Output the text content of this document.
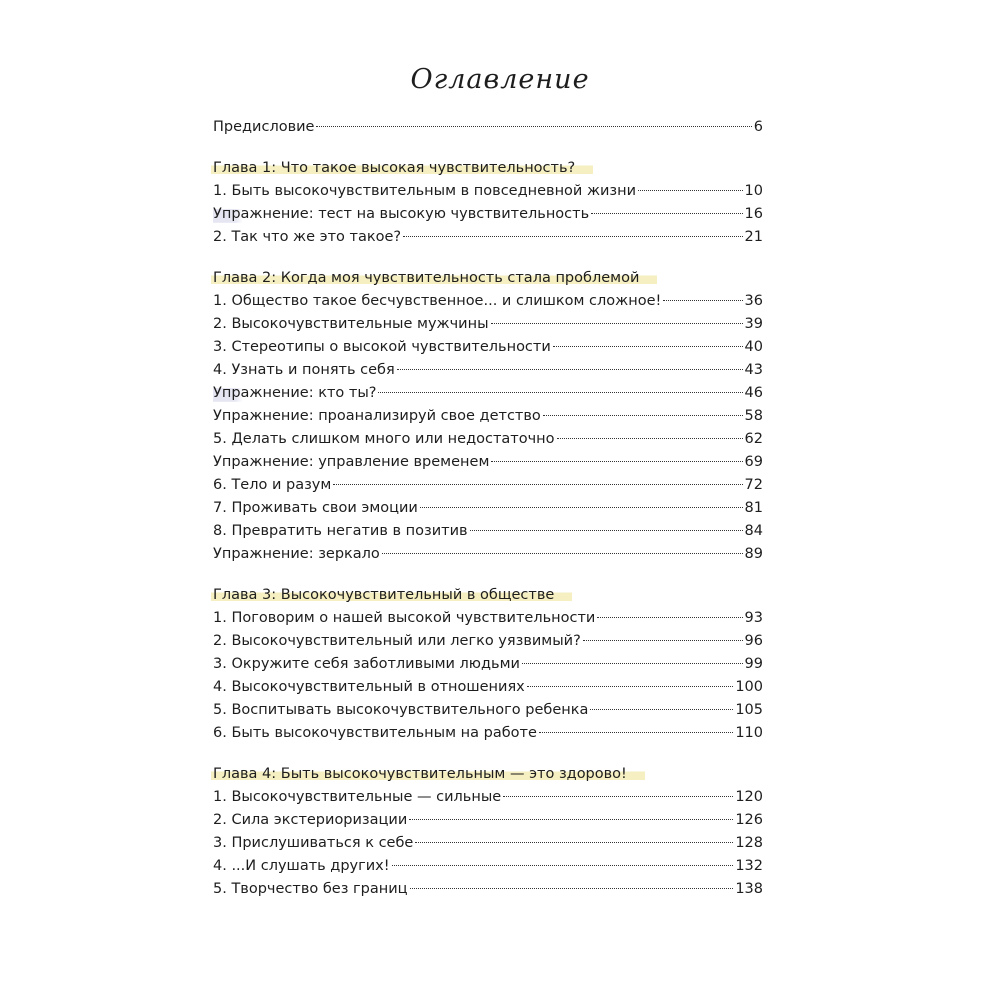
Оглавление
Предисловие	6
Глава 1: Что такое высокая чувствительность?
1. Быть высокочувствительным в повседневной жизни	10
Упражнение: тест на высокую чувствительность	16
2. Так что же это такое?	21
Глава 2: Когда моя чувствительность стала проблемой
1. Общество такое бесчувственное... и слишком сложное!	36
2. Высокочувствительные мужчины	39
3. Стереотипы о высокой чувствительности	40
4. Узнать и понять себя	43
Упражнение: кто ты?	46
Упражнение: проанализируй свое детство	58
5. Делать слишком много или недостаточно	62
Упражнение: управление временем	69
6. Тело и разум	72
7. Проживать свои эмоции	81
8. Превратить негатив в позитив	84
Упражнение: зеркало	89
Глава 3: Высокочувствительный в обществе
1. Поговорим о нашей высокой чувствительности	93
2. Высокочувствительный или легко уязвимый?	96
3. Окружите себя заботливыми людьми	99
4. Высокочувствительный в отношениях	100
5. Воспитывать высокочувствительного ребенка	105
6. Быть высокочувствительным на работе	110
Глава 4: Быть высокочувствительным — это здорово!
1. Высокочувствительные — сильные	120
2. Сила экстериоризации	126
3. Прислушиваться к себе	128
4. ...И слушать других!	132
5. Творчество без границ	138
